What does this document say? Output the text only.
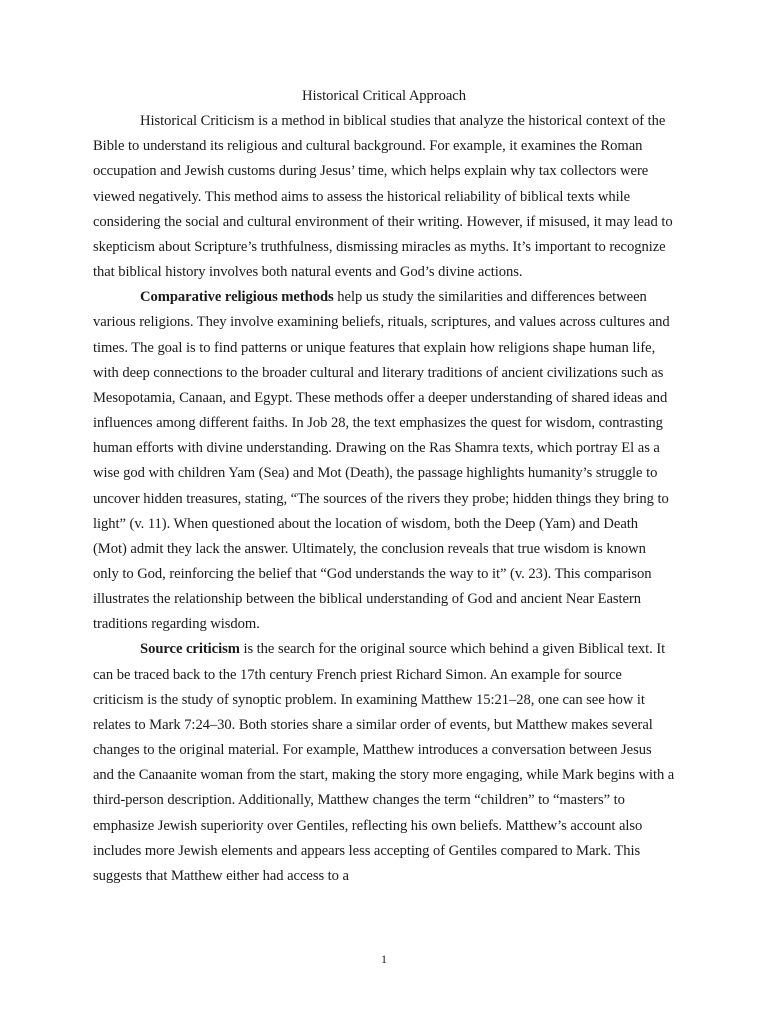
Historical Critical Approach

Historical Criticism is a method in biblical studies that analyze the historical context of the Bible to understand its religious and cultural background. For example, it examines the Roman occupation and Jewish customs during Jesus’ time, which helps explain why tax collectors were viewed negatively. This method aims to assess the historical reliability of biblical texts while considering the social and cultural environment of their writing. However, if misused, it may lead to skepticism about Scripture’s truthfulness, dismissing miracles as myths. It’s important to recognize that biblical history involves both natural events and God’s divine actions.

Comparative religious methods help us study the similarities and differences between various religions. They involve examining beliefs, rituals, scriptures, and values across cultures and times. The goal is to find patterns or unique features that explain how religions shape human life, with deep connections to the broader cultural and literary traditions of ancient civilizations such as Mesopotamia, Canaan, and Egypt. These methods offer a deeper understanding of shared ideas and influences among different faiths. In Job 28, the text emphasizes the quest for wisdom, contrasting human efforts with divine understanding. Drawing on the Ras Shamra texts, which portray El as a wise god with children Yam (Sea) and Mot (Death), the passage highlights humanity’s struggle to uncover hidden treasures, stating, “The sources of the rivers they probe; hidden things they bring to light” (v. 11). When questioned about the location of wisdom, both the Deep (Yam) and Death (Mot) admit they lack the answer. Ultimately, the conclusion reveals that true wisdom is known only to God, reinforcing the belief that “God understands the way to it” (v. 23). This comparison illustrates the relationship between the biblical understanding of God and ancient Near Eastern traditions regarding wisdom.

Source criticism is the search for the original source which behind a given Biblical text. It can be traced back to the 17th century French priest Richard Simon. An example for source criticism is the study of synoptic problem. In examining Matthew 15:21–28, one can see how it relates to Mark 7:24–30. Both stories share a similar order of events, but Matthew makes several changes to the original material. For example, Matthew introduces a conversation between Jesus and the Canaanite woman from the start, making the story more engaging, while Mark begins with a third-person description. Additionally, Matthew changes the term “children” to “masters” to emphasize Jewish superiority over Gentiles, reflecting his own beliefs. Matthew’s account also includes more Jewish elements and appears less accepting of Gentiles compared to Mark. This suggests that Matthew either had access to a

1
